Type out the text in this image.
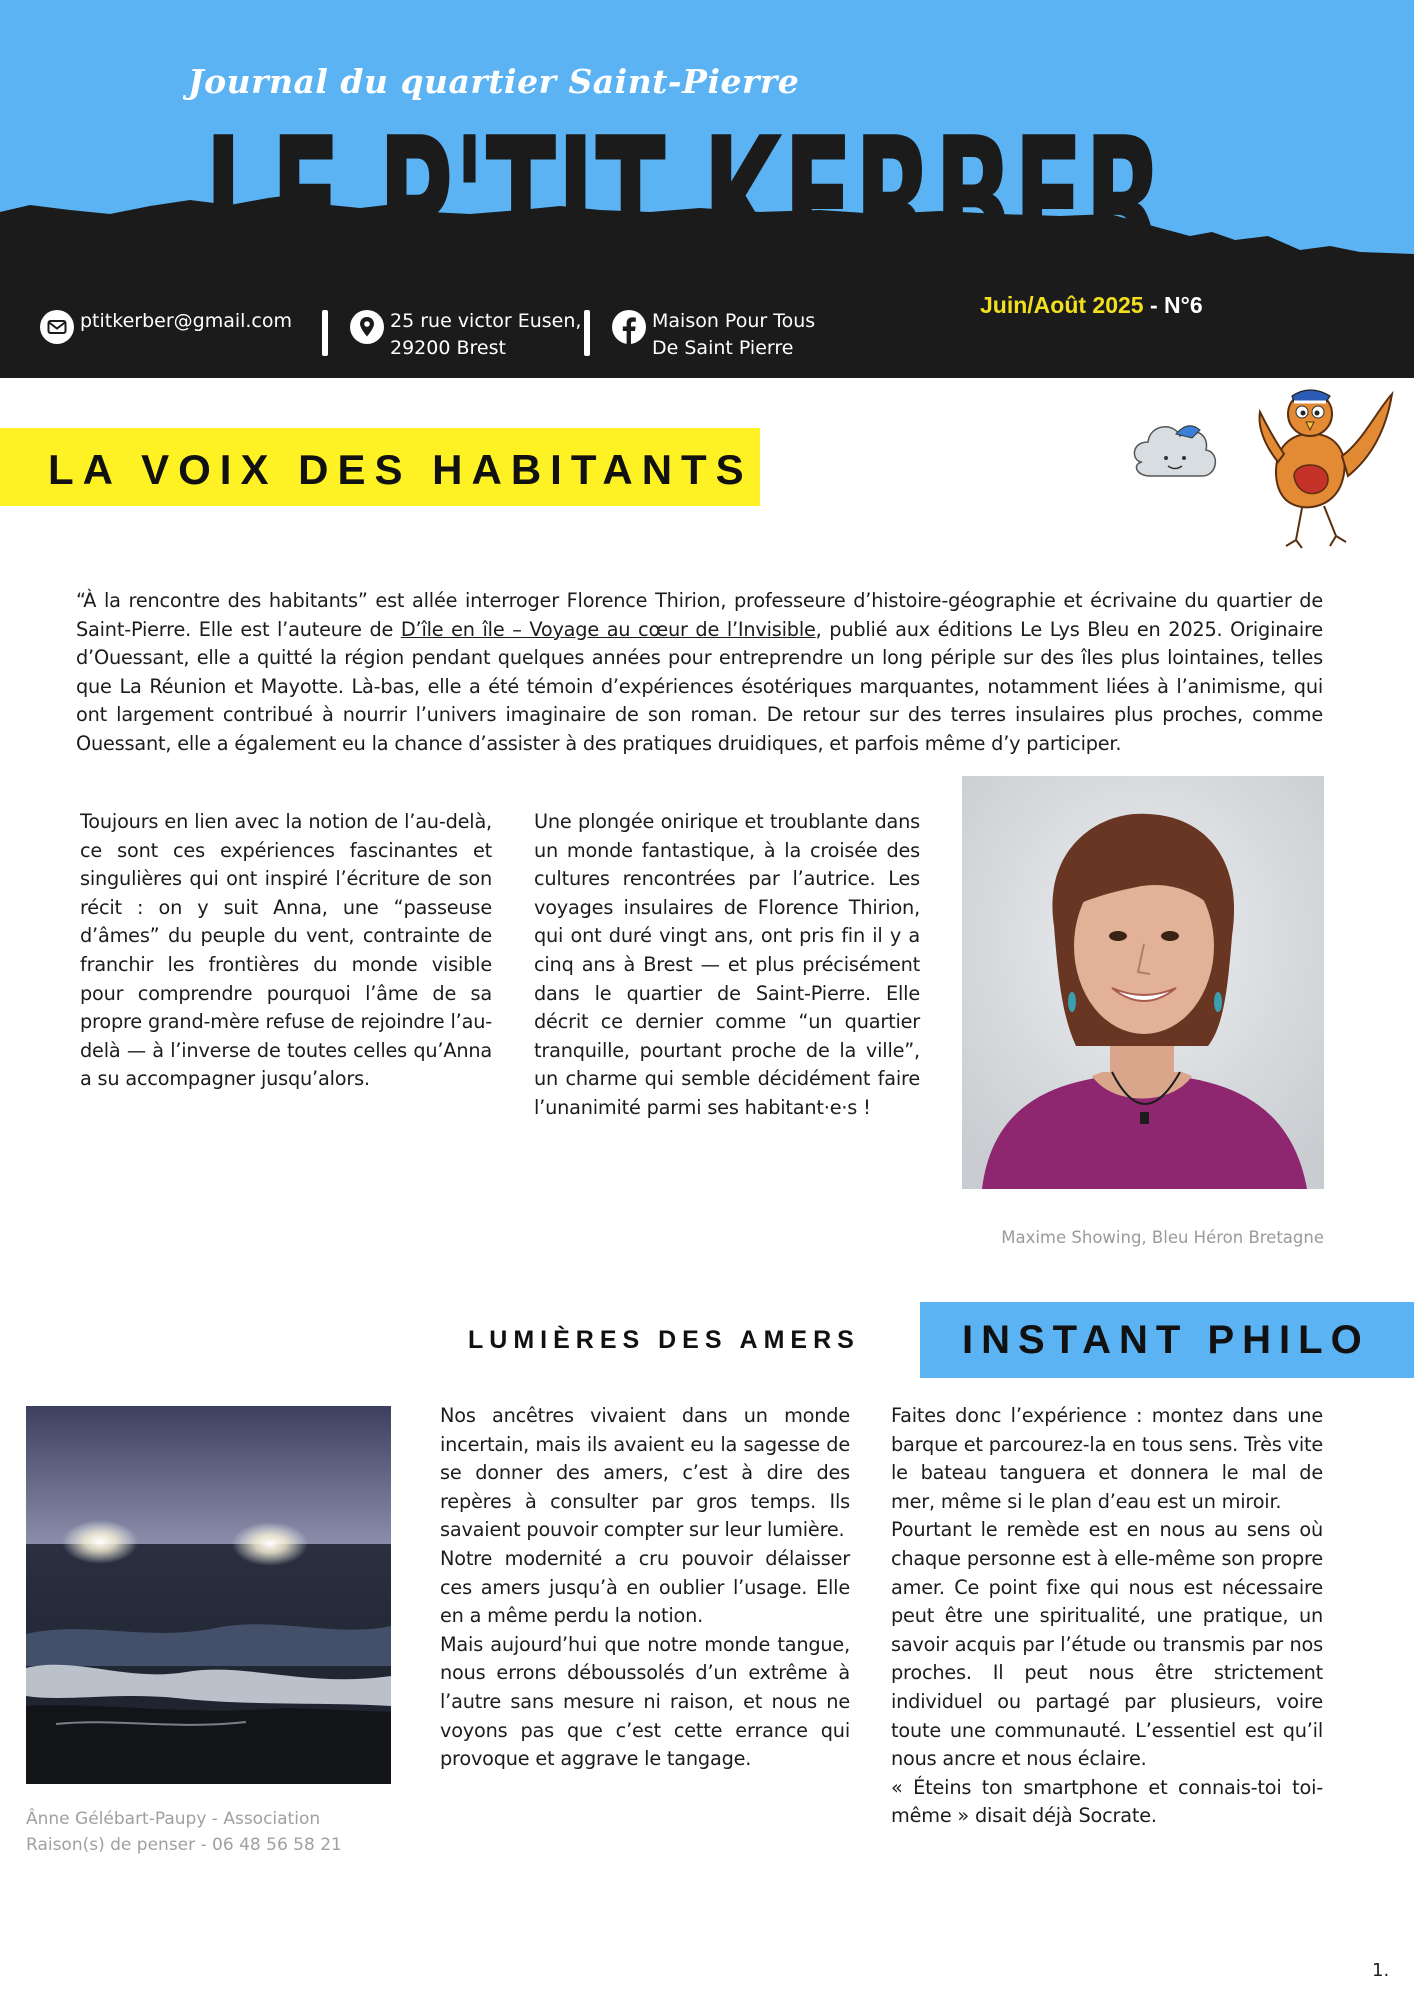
Journal du quartier Saint-Pierre
LE P'TIT KERBER
Juin/Août 2025 - N°6
ptitkerber@gmail.com	25 rue victor Eusen,
29200 Brest
Maison Pour Tous
De Saint Pierre
LA VOIX DES HABITANTS
“À la rencontre des habitants” est allée interroger Florence Thirion, professeure d’histoire-géographie et écrivaine du quartier de Saint-Pierre. Elle est l’auteure de D’île en île – Voyage au cœur de l’Invisible, publié aux éditions Le Lys Bleu en 2025. Originaire d’Ouessant, elle a quitté la région pendant quelques années pour entreprendre un long périple sur des îles plus lointaines, telles que La Réunion et Mayotte. Là-bas, elle a été témoin d’expériences ésotériques marquantes, notamment liées à l’animisme, qui ont largement contribué à nourrir l’univers imaginaire de son roman. De retour sur des terres insulaires plus proches, comme Ouessant, elle a également eu la chance d’assister à des pratiques druidiques, et parfois même d’y participer.
Toujours en lien avec la notion de l’au-delà, ce sont ces expériences fascinantes et singulières qui ont inspiré l’écriture de son récit : on y suit Anna, une “passeuse d’âmes” du peuple du vent, contrainte de franchir les frontières du monde visible pour comprendre pourquoi l’âme de sa propre grand-mère refuse de rejoindre l’au-delà — à l’inverse de toutes celles qu’Anna a su accompagner jusqu’alors.
Une plongée onirique et troublante dans un monde fantastique, à la croisée des cultures rencontrées par l’autrice. Les voyages insulaires de Florence Thirion, qui ont duré vingt ans, ont pris fin il y a cinq ans à Brest — et plus précisément dans le quartier de Saint-Pierre. Elle décrit ce dernier comme “un quartier tranquille, pourtant proche de la ville”, un charme qui semble décidément faire l’unanimité parmi ses habitant·e·s !
Maxime Showing, Bleu Héron Bretagne
LUMIÈRES DES AMERS	INSTANT PHILO
Ânne Gélébart-Paupy - Association
Raison(s) de penser - 06 48 56 58 21

Nos ancêtres vivaient dans un monde incertain, mais ils avaient eu la sagesse de se donner des amers, c’est à dire des repères à consulter par gros temps. Ils savaient pouvoir compter sur leur lumière.

Notre modernité a cru pouvoir délaisser ces amers jusqu’à en oublier l’usage. Elle en a même perdu la notion.

Mais aujourd’hui que notre monde tangue, nous errons déboussolés d’un extrême à l’autre sans mesure ni raison, et nous ne voyons pas que c’est cette errance qui provoque et aggrave le tangage.

Faites donc l’expérience : montez dans une barque et parcourez-la en tous sens. Très vite le bateau tanguera et donnera le mal de mer, même si le plan d’eau est un miroir.

Pourtant le remède est en nous au sens où chaque personne est à elle-même son propre amer. Ce point fixe qui nous est nécessaire peut être une spiritualité, une pratique, un savoir acquis par l’étude ou transmis par nos proches. Il peut nous être strictement individuel ou partagé par plusieurs, voire toute une communauté. L’essentiel est qu’il nous ancre et nous éclaire.

« Éteins ton smartphone et connais-toi toi-même » disait déjà Socrate.

1.
